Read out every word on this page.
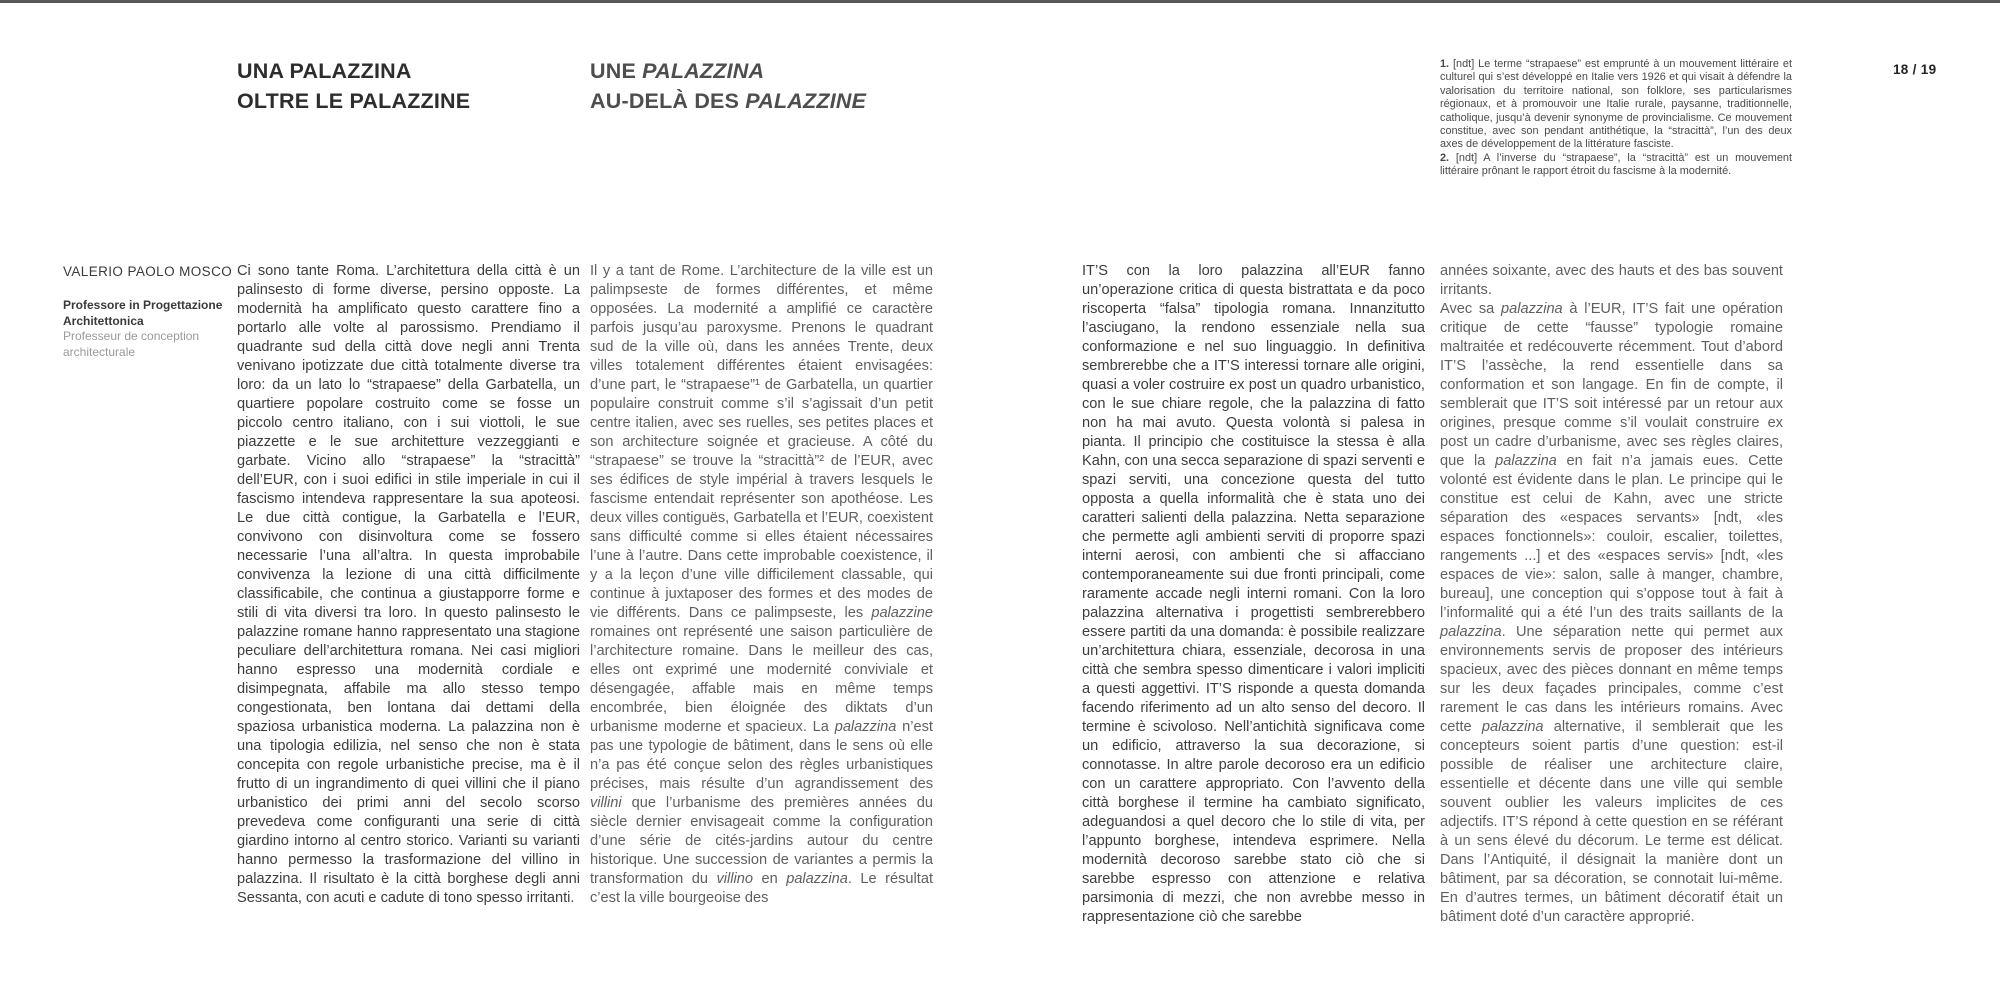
UNA PALAZZINA
OLTRE LE PALAZZINE
UNE PALAZZINA
AU-DELÀ DES PALAZZINE

1. [ndt] Le terme “strapaese” est emprunté à un mouvement littéraire et culturel qui s’est développé en Italie vers 1926 et qui visait à défendre la valorisation du territoire national, son folklore, ses particularismes régionaux, et à promouvoir une Italie rurale, paysanne, traditionnelle, catholique, jusqu’à devenir synonyme de provincialisme. Ce mouvement constitue, avec son pendant antithétique, la “stracittà”, l’un des deux axes de développement de la littérature fasciste.

2. [ndt] A l’inverse du “strapaese”, la “stracittà” est un mouvement littéraire prônant le rapport étroit du fascisme à la modernité.

18 / 19

VALERIO PAOLO MOSCO

Professore in Progettazione Architettonica

Professeur de conception architecturale

Ci sono tante Roma. L’architettura della città è un palinsesto di forme diverse, persino opposte. La modernità ha amplificato questo carattere fino a portarlo alle volte al parossismo. Prendiamo il quadrante sud della città dove negli anni Trenta venivano ipotizzate due città totalmente diverse tra loro: da un lato lo “strapaese” della Garbatella, un quartiere popolare costruito come se fosse un piccolo centro italiano, con i sui viottoli, le sue piazzette e le sue architetture vezzeggianti e garbate. Vicino allo “strapaese” la “stracittà” dell’EUR, con i suoi edifici in stile imperiale in cui il fascismo intendeva rappresentare la sua apoteosi. Le due città contigue, la Garbatella e l’EUR, convivono con disinvoltura come se fossero necessarie l’una all’altra. In questa improbabile convivenza la lezione di una città difficilmente classificabile, che continua a giustapporre forme e stili di vita diversi tra loro. In questo palinsesto le palazzine romane hanno rappresentato una stagione peculiare dell’architettura romana. Nei casi migliori hanno espresso una modernità cordiale e disimpegnata, affabile ma allo stesso tempo congestionata, ben lontana dai dettami della spaziosa urbanistica moderna. La palazzina non è una tipologia edilizia, nel senso che non è stata concepita con regole urbanistiche precise, ma è il frutto di un ingrandimento di quei villini che il piano urbanistico dei primi anni del secolo scorso prevedeva come configuranti una serie di città giardino intorno al centro storico. Varianti su varianti hanno permesso la trasformazione del villino in palazzina. Il risultato è la città borghese degli anni Sessanta, con acuti e cadute di tono spesso irritanti.

Il y a tant de Rome. L’architecture de la ville est un palimpseste de formes différentes, et même opposées. La modernité a amplifié ce caractère parfois jusqu’au paroxysme. Prenons le quadrant sud de la ville où, dans les années Trente, deux villes totalement différentes étaient envisagées: d’une part, le “strapaese”¹ de Garbatella, un quartier populaire construit comme s’il s’agissait d’un petit centre italien, avec ses ruelles, ses petites places et son architecture soignée et gracieuse. A côté du “strapaese” se trouve la “stracittà”² de l’EUR, avec ses édifices de style impérial à travers lesquels le fascisme entendait représenter son apothéose. Les deux villes contiguës, Garbatella et l’EUR, coexistent sans difficulté comme si elles étaient nécessaires l’une à l’autre. Dans cette improbable coexistence, il y a la leçon d’une ville difficilement classable, qui continue à juxtaposer des formes et des modes de vie différents. Dans ce palimpseste, les palazzine romaines ont représenté une saison particulière de l’architecture romaine. Dans le meilleur des cas, elles ont exprimé une modernité conviviale et désengagée, affable mais en même temps encombrée, bien éloignée des diktats d’un urbanisme moderne et spacieux. La palazzina n’est pas une typologie de bâtiment, dans le sens où elle n’a pas été conçue selon des règles urbanistiques précises, mais résulte d’un agrandissement des villini que l’urbanisme des premières années du siècle dernier envisageait comme la configuration d’une série de cités-jardins autour du centre historique. Une succession de variantes a permis la transformation du villino en palazzina. Le résultat c’est la ville bourgeoise des

IT’S con la loro palazzina all’EUR fanno un’operazione critica di questa bistrattata e da poco riscoperta “falsa” tipologia romana. Innanzitutto l’asciugano, la rendono essenziale nella sua conformazione e nel suo linguaggio. In definitiva sembrerebbe che a IT’S interessi tornare alle origini, quasi a voler costruire ex post un quadro urbanistico, con le sue chiare regole, che la palazzina di fatto non ha mai avuto. Questa volontà si palesa in pianta. Il principio che costituisce la stessa è alla Kahn, con una secca separazione di spazi serventi e spazi serviti, una concezione questa del tutto opposta a quella informalità che è stata uno dei caratteri salienti della palazzina. Netta separazione che permette agli ambienti serviti di proporre spazi interni aerosi, con ambienti che si affacciano contemporaneamente sui due fronti principali, come raramente accade negli interni romani. Con la loro palazzina alternativa i progettisti sembrerebbero essere partiti da una domanda: è possibile realizzare un’architettura chiara, essenziale, decorosa in una città che sembra spesso dimenticare i valori impliciti a questi aggettivi. IT’S risponde a questa domanda facendo riferimento ad un alto senso del decoro. Il termine è scivoloso. Nell’antichità significava come un edificio, attraverso la sua decorazione, si connotasse. In altre parole decoroso era un edificio con un carattere appropriato. Con l’avvento della città borghese il termine ha cambiato significato, adeguandosi a quel decoro che lo stile di vita, per l’appunto borghese, intendeva esprimere. Nella modernità decoroso sarebbe stato ciò che si sarebbe espresso con attenzione e relativa parsimonia di mezzi, che non avrebbe messo in rappresentazione ciò che sarebbe

années soixante, avec des hauts et des bas souvent irritants.

Avec sa palazzina à l’EUR, IT’S fait une opération critique de cette “fausse” typologie romaine maltraitée et redécouverte récemment. Tout d’abord IT’S l’assèche, la rend essentielle dans sa conformation et son langage. En fin de compte, il semblerait que IT’S soit intéressé par un retour aux origines, presque comme s’il voulait construire ex post un cadre d’urbanisme, avec ses règles claires, que la palazzina en fait n’a jamais eues. Cette volonté est évidente dans le plan. Le principe qui le constitue est celui de Kahn, avec une stricte séparation des «espaces servants» [ndt, «les espaces fonctionnels»: couloir, escalier, toilettes, rangements ...] et des «espaces servis» [ndt, «les espaces de vie»: salon, salle à manger, chambre, bureau], une conception qui s’oppose tout à fait à l’informalité qui a été l’un des traits saillants de la palazzina. Une séparation nette qui permet aux environnements servis de proposer des intérieurs spacieux, avec des pièces donnant en même temps sur les deux façades principales, comme c’est rarement le cas dans les intérieurs romains. Avec cette palazzina alternative, il semblerait que les concepteurs soient partis d’une question: est-il possible de réaliser une architecture claire, essentielle et décente dans une ville qui semble souvent oublier les valeurs implicites de ces adjectifs. IT’S répond à cette question en se référant à un sens élevé du décorum. Le terme est délicat. Dans l’Antiquité, il désignait la manière dont un bâtiment, par sa décoration, se connotait lui-même. En d’autres termes, un bâtiment décoratif était un bâtiment doté d’un caractère approprié.
